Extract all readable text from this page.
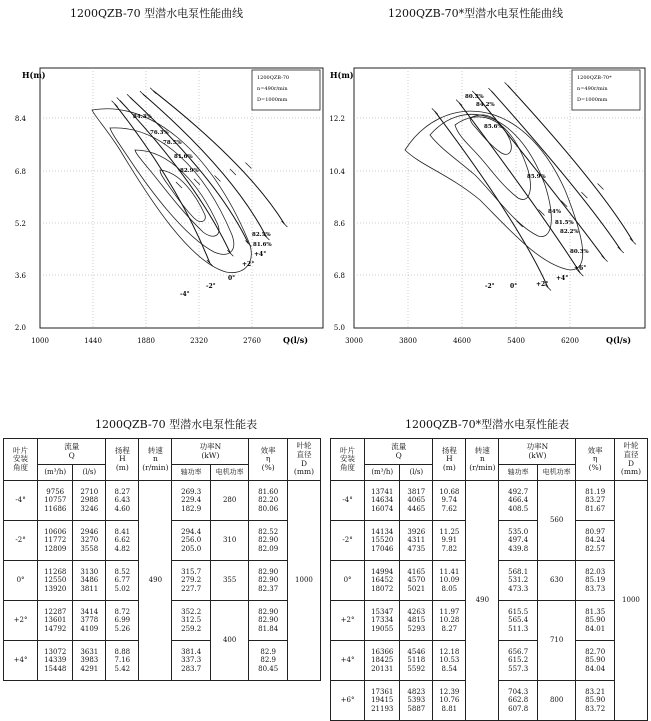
1200QZB-70 型潜水电泵性能曲线	1200QZB-70*型潜水电泵性能曲线
H(m)
Q(l/s)
1000	1440	1880	2320	2760
8.4
6.8
5.2
3.6
2.0
1200QZB-70
n=490r/min
D=1000mm
84.3%
76.3%
78.5%
81.6%
82.9%
82.5%
81.6%
+4°
+2°
0°
-2°
-4°
H(m)
Q(l/s)
3000	3800	4600	5400	6200
12.2
10.4
8.6
6.8
5.0
1200QZB-70*
n=490r/min
D=1000mm
80.3%
84.2%
85.6%
85.9%
84%
81.5%
82.2%
80.3%
-2°	0°	+2°
+4°
+6°
1200QZB-70 型潜水电泵性能表	1200QZB-70*型潜水电泵性能表
叶片
安装
角度	流量
Q		扬程
H
(m)	转速
n
(r/min)	功率N
(kW)		效率
η
(%)	叶轮
直径
D
(mm)

	(m³/h)	(l/s)			轴功率	电机功率		
-4°	9756
10757
11686	2710
2988
3246	8.27
6.43
4.60	490	269.3
229.4
182.9	280	81.60
82.20
80.06	1000
-2°	10606
11772
12809	2946
3270
3558	8.41
6.62
4.82		294.4
256.0
205.0	310	82.52
82.90
82.09	

0°	11268
12550
13920	3130
3486
3811	8.52
6.77
5.02		315.7
279.2
227.7	355	82.90
82.90
82.37	

+2°	12287
13601
14792	3414
3778
4109	8.72
6.99
5.26		352.2
312.5
259.2	400	82.90
82.90
81.84	

+4°	13072
14339
15448	3631
3983
4291	8.88
7.16
5.42		381.4
337.3
283.7		82.9
82.9
80.45	
叶片
安装
角度	流量
Q		扬程
H
(m)	转速
n
(r/min)	功率N
(kW)		效率
η
(%)	叶轮
直径
D
(mm)

	(m³/h)	(l/s)			轴功率	电机功率		
-4°	13741
14634
16074	3817
4065
4465	10.68
9.74
7.62	490	492.7
466.4
408.5	560	81.19
83.27
81.67	1000
-2°	14134
15520
17046	3926
4311
4735	11.25
9.91
7.82		535.0
497.4
439.8		80.97
84.24
82.57	

0°	14994
16452
18072	4165
4570
5021	11.41
10.09
8.05		568.1
531.2
473.3	630	82.03
85.19
83.73	

+2°	15347
17334
19055	4263
4815
5293	11.97
10.28
8.27		615.5
565.4
511.3	710	81.35
85.90
84.01	

+4°	16366
18425
20131	4546
5118
5592	12.18
10.53
8.54		656.7
615.2
557.3		82.70
85.90
84.04	

+6°	17361
19415
21193	4823
5393
5887	12.39
10.76
8.81		704.3
662.8
607.8	800	83.21
85.90
83.72	
